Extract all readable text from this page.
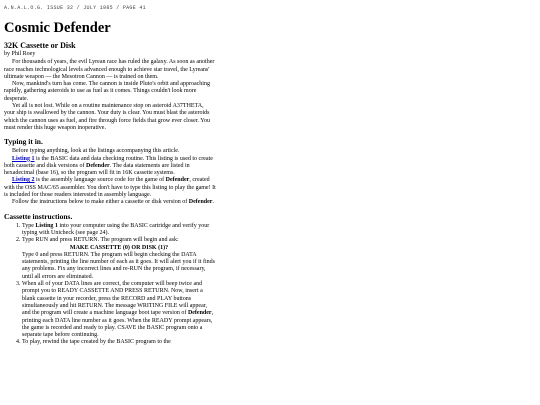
A.N.A.L.O.G. ISSUE 32 / JULY 1985 / PAGE 41
Cosmic Defender
32K Cassette or Disk

by Phil Roey

For thousands of years, the evil Lyrean race has ruled the galaxy. As soon as another race reaches technological levels advanced enough to achieve star travel, the Lyreans' ultimate weapon — the Mesotron Cannon — is trained on them.

Now, mankind's turn has come. The cannon is inside Pluto's orbit and approaching rapidly, gathering asteroids to use as fuel as it comes. Things couldn't look more desperate.

Yet all is not lost. While on a routine maintenance stop on asteroid A37THETA, your ship is swallowed by the cannon. Your duty is clear. You must blast the asteroids which the cannon uses as fuel, and fire through force fields that grow ever closer. You must render this huge weapon inoperative.

Typing it in.

Before typing anything, look at the listings accompanying this article.

Listing 1 is the BASIC data and data checking routine. This listing is used to create both cassette and disk versions of Defender. The data statements are listed in hexadecimal (base 16), so the program will fit in 16K cassette systems.

Listing 2 is the assembly language source code for the game of Defender, created with the OSS MAC/65 assembler. You don't have to type this listing to play the game! It is included for those readers interested in assembly language.

Follow the instructions below to make either a cassette or disk version of Defender.

Cassette instructions.
1. Type Listing 1 into your computer using the BASIC cartridge and verify your typing with Unicheck (see page 24).
2. Type RUN and press RETURN. The program will begin and ask:
MAKE CASSETTE (0) OR DISK (1)?
Type 0 and press RETURN. The program will begin checking the DATA statements, printing the line number of each as it goes. It will alert you if it finds any problems. Fix any incorrect lines and re-RUN the program, if necessary, until all errors are eliminated.
3. When all of your DATA lines are correct, the computer will beep twice and prompt you to READY CASSETTE AND PRESS RETURN. Now, insert a blank cassette in your recorder, press the RECORD and PLAY buttons simultaneously and hit RETURN. The message WRITING FILE will appear, and the program will create a machine language boot tape version of Defender, printing each DATA line number as it goes. When the READY prompt appears, the game is recorded and ready to play. CSAVE the BASIC program onto a separate tape before continuing.
4. To play, rewind the tape created by the BASIC program to the
